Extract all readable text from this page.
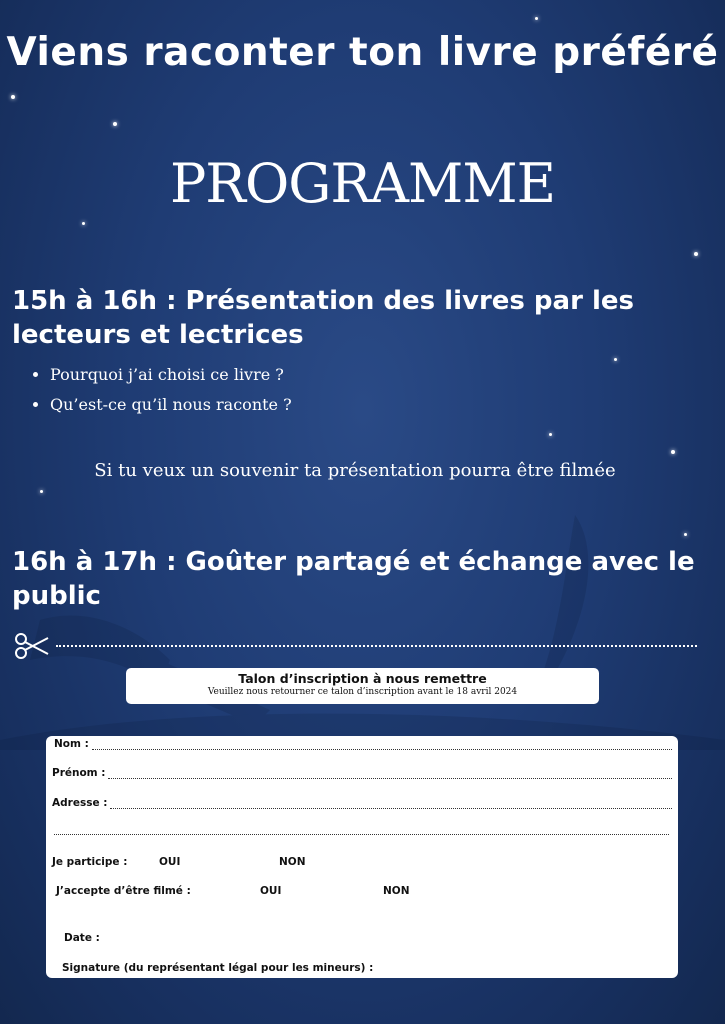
Viens raconter ton livre préféré
PROGRAMME
15h à 16h : Présentation des livres par les lecteurs et lectrices
• Pourquoi j’ai choisi ce livre ?
• Qu’est-ce qu’il nous raconte ?
Si tu veux un souvenir ta présentation pourra être filmée
16h à 17h : Goûter partagé et échange avec le public
Talon d’inscription à nous remettre
Veuillez nous retourner ce talon d’inscription avant le 18 avril 2024
Nom :
Prénom :
Adresse :
Je participe :	OUI	NON
J’accepte d’être filmé :	OUI	NON
Date :
Signature (du représentant légal pour les mineurs) :
